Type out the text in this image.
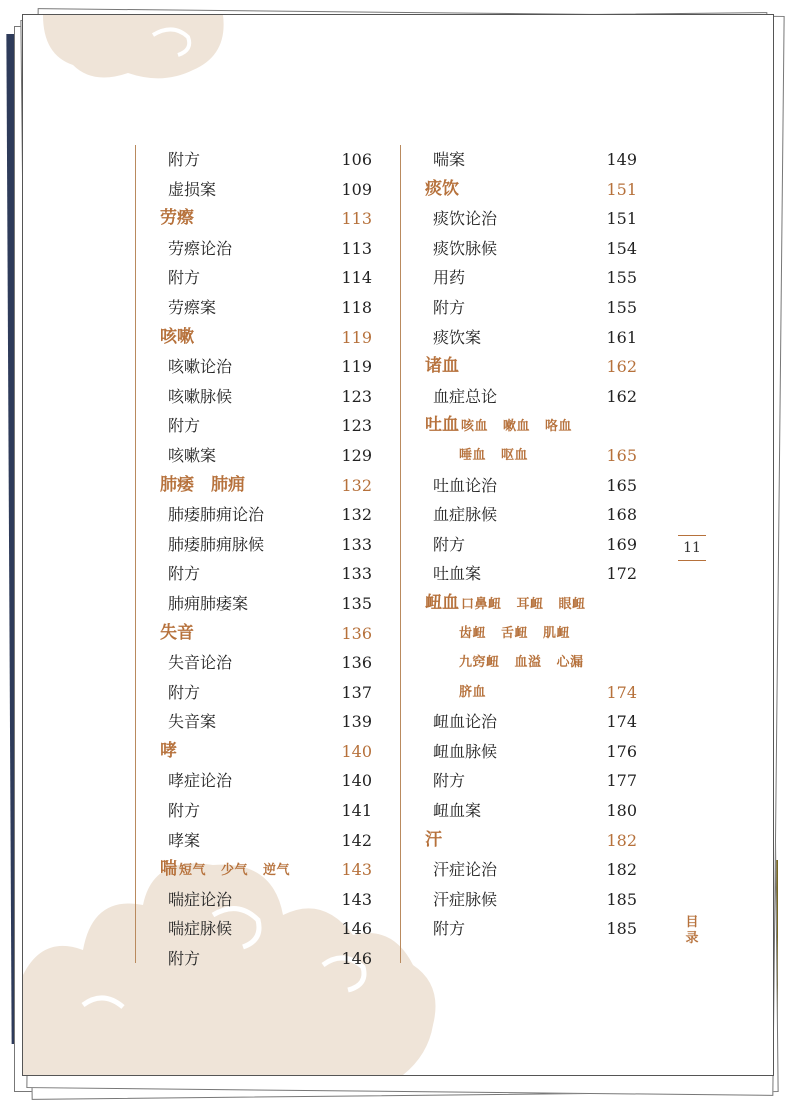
附方	106
虚损案	109
劳瘵	113
劳瘵论治	113
附方	114
劳瘵案	118
咳嗽	119
咳嗽论治	119
咳嗽脉候	123
附方	123
咳嗽案	129
肺痿　肺痈	132
肺痿肺痈论治	132
肺痿肺痈脉候	133
附方	133
肺痈肺痿案	135
失音	136
失音论治	136
附方	137
失音案	139
哮	140
哮症论治	140
附方	141
哮案	142
喘 短气 少气 逆气	143
喘症论治	143
喘症脉候	146
附方	146
喘案	149
痰饮	151
痰饮论治	151
痰饮脉候	154
用药	155
附方	155
痰饮案	161
诸血	162
血症总论	162
吐血 咳血 嗽血 咯血
唾血 呕血	165
吐血论治	165
血症脉候	168
附方	169
吐血案	172
衄血 口鼻衄 耳衄 眼衄
齿衄 舌衄 肌衄
九窍衄 血溢 心漏
脐血	174
衄血论治	174
衄血脉候	176
附方	177
衄血案	180
汗	182
汗症论治	182
汗症脉候	185
附方	185
11
目
录
